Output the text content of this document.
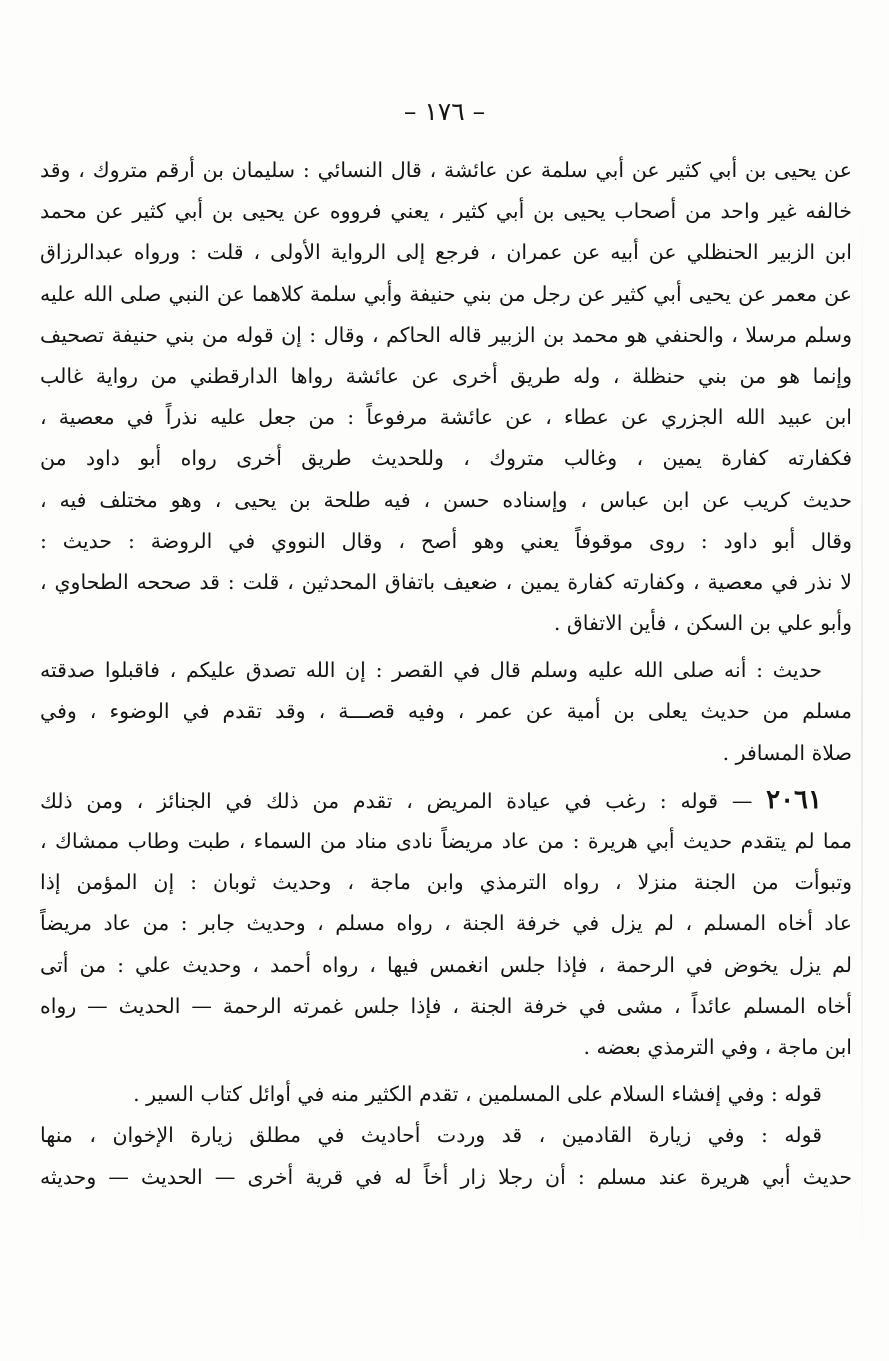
– ١٧٦ –
عن يحيى بن أبي كثير عن أبي سلمة عن عائشة ، قال النسائي : سليمان بن أرقم متروك ، وقد
خالفه غير واحد من أصحاب يحيى بن أبي كثير ، يعني فرووه عن يحيى بن أبي كثير عن محمد
ابن الزبير الحنظلي عن أبيه عن عمران ، فرجع إلى الرواية الأولى ، قلت : ورواه عبدالرزاق
عن معمر عن يحيى أبي كثير عن رجل من بني حنيفة وأبي سلمة كلاهما عن النبي صلى الله عليه
وسلم مرسلا ، والحنفي هو محمد بن الزبير قاله الحاكم ، وقال : إن قوله من بني حنيفة تصحيف
وإنما هو من بني حنظلة ، وله طريق أخرى عن عائشة رواها الدارقطني من رواية غالب
ابن عبيد الله الجزري عن عطاء ، عن عائشة مرفوعاً : من جعل عليه نذراً في معصية ،
فكفارته كفارة يمين ، وغالب متروك ، وللحديث طريق أخرى رواه أبو داود من
حديث كريب عن ابن عباس ، وإسناده حسن ، فيه طلحة بن يحيى ، وهو مختلف فيه ،
وقال أبو داود : روى موقوفاً يعني وهو أصح ، وقال النووي في الروضة : حديث :
لا نذر في معصية ، وكفارته كفارة يمين ، ضعيف باتفاق المحدثين ، قلت : قد صححه الطحاوي ،
وأبو علي بن السكن ، فأين الاتفاق .
حديث : أنه صلى الله عليه وسلم قال في القصر : إن الله تصدق عليكم ، فاقبلوا صدقته
مسلم من حديث يعلى بن أمية عن عمر ، وفيه قصـــة ، وقد تقدم في الوضوء ، وفي
صلاة المسافر .
٢٠٦١ — قوله : رغب في عيادة المريض ، تقدم من ذلك في الجنائز ، ومن ذلك
مما لم يتقدم حديث أبي هريرة : من عاد مريضاً نادى مناد من السماء ، طبت وطاب ممشاك ،
وتبوأت من الجنة منزلا ، رواه الترمذي وابن ماجة ، وحديث ثوبان : إن المؤمن إذا
عاد أخاه المسلم ، لم يزل في خرفة الجنة ، رواه مسلم ، وحديث جابر : من عاد مريضاً
لم يزل يخوض في الرحمة ، فإذا جلس انغمس فيها ، رواه أحمد ، وحديث علي : من أتى
أخاه المسلم عائداً ، مشى في خرفة الجنة ، فإذا جلس غمرته الرحمة — الحديث — رواه
ابن ماجة ، وفي الترمذي بعضه .
قوله : وفي إفشاء السلام على المسلمين ، تقدم الكثير منه في أوائل كتاب السير .
قوله : وفي زيارة القادمين ، قد وردت أحاديث في مطلق زيارة الإخوان ، منها
حديث أبي هريرة عند مسلم : أن رجلا زار أخاً له في قرية أخرى — الحديث — وحديثه
